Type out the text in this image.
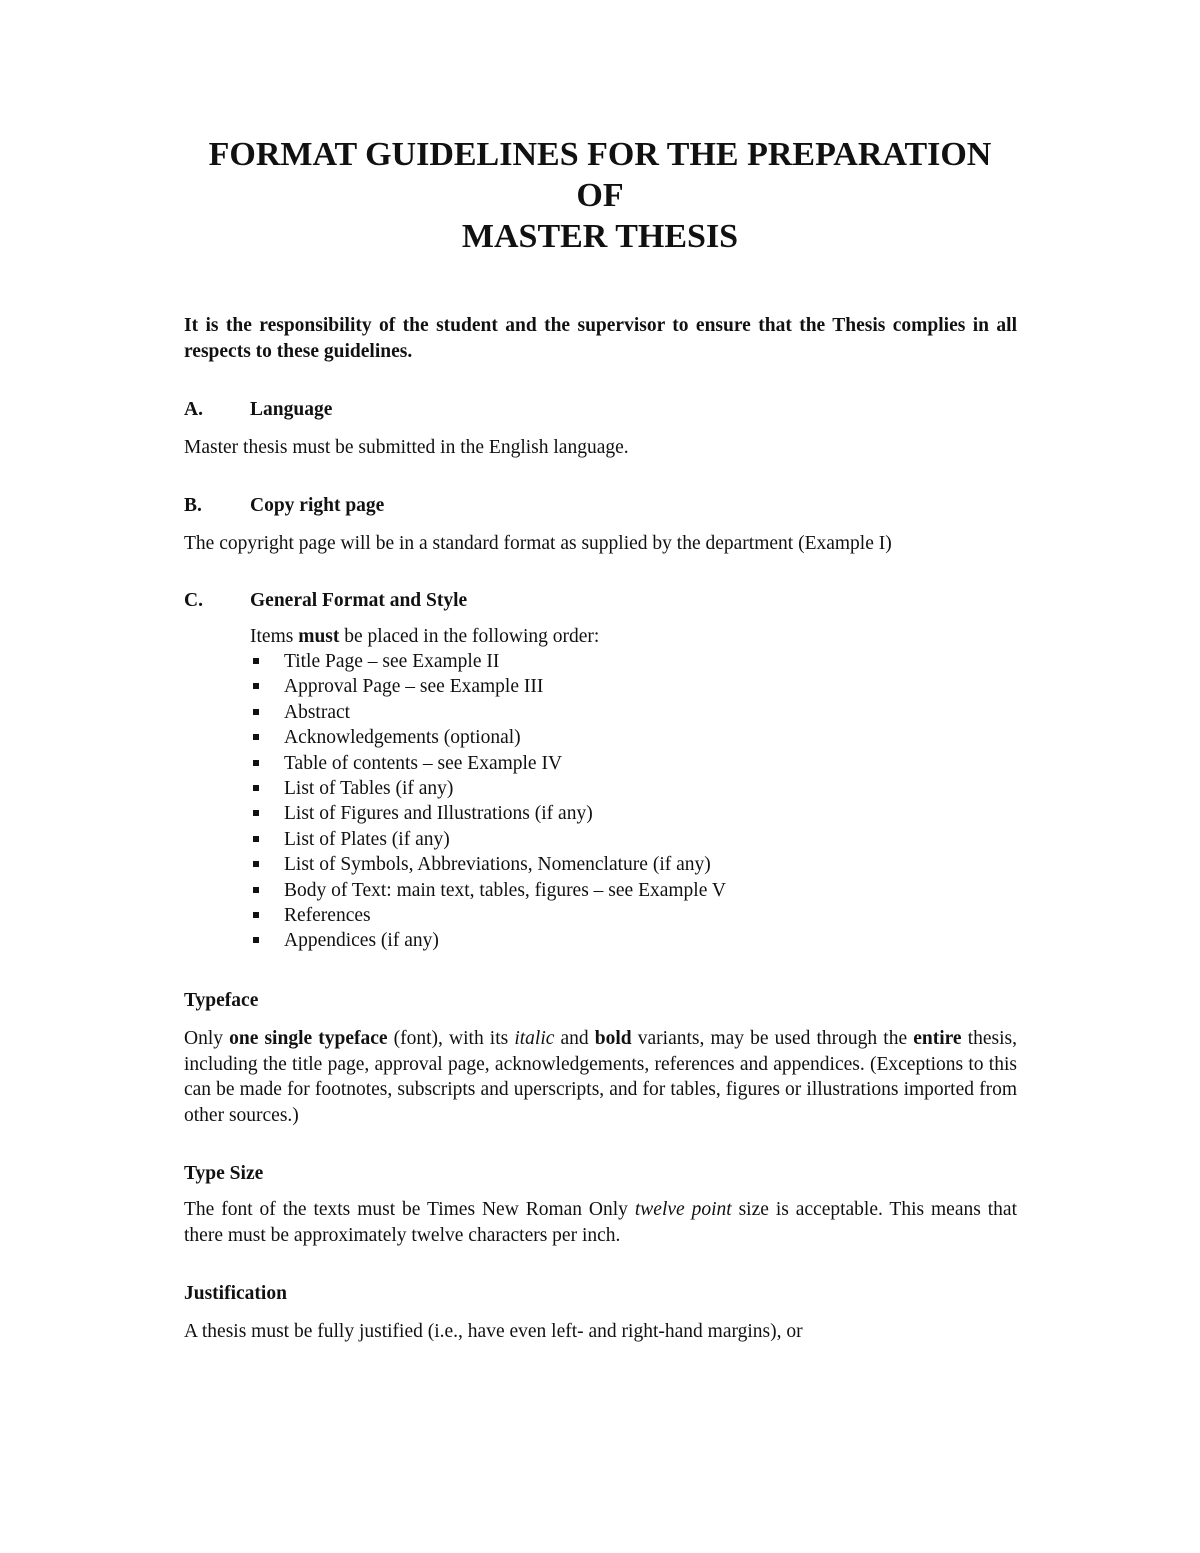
FORMAT GUIDELINES FOR THE PREPARATION
OF
MASTER THESIS

It is the responsibility of the student and the supervisor to ensure that the Thesis complies in all respects to these guidelines.

A. Language

Master thesis must be submitted in the English language.

B. Copy right page

The copyright page will be in a standard format as supplied by the department (Example I)

C. General Format and Style

Items must be placed in the following order:

Title Page – see Example II
Approval Page – see Example III
Abstract
Acknowledgements (optional)
Table of contents – see Example IV
List of Tables (if any)
List of Figures and Illustrations (if any)
List of Plates (if any)
List of Symbols, Abbreviations, Nomenclature (if any)
Body of Text: main text, tables, figures – see Example V
References
Appendices (if any)

Typeface

Only one single typeface (font), with its italic and bold variants, may be used through the entire thesis, including the title page, approval page, acknowledgements, references and appendices. (Exceptions to this can be made for footnotes, subscripts and uperscripts, and for tables, figures or illustrations imported from other sources.)

Type Size

The font of the texts must be Times New Roman Only twelve point size is acceptable. This means that there must be approximately twelve characters per inch.

Justification

A thesis must be fully justified (i.e., have even left- and right-hand margins), or
